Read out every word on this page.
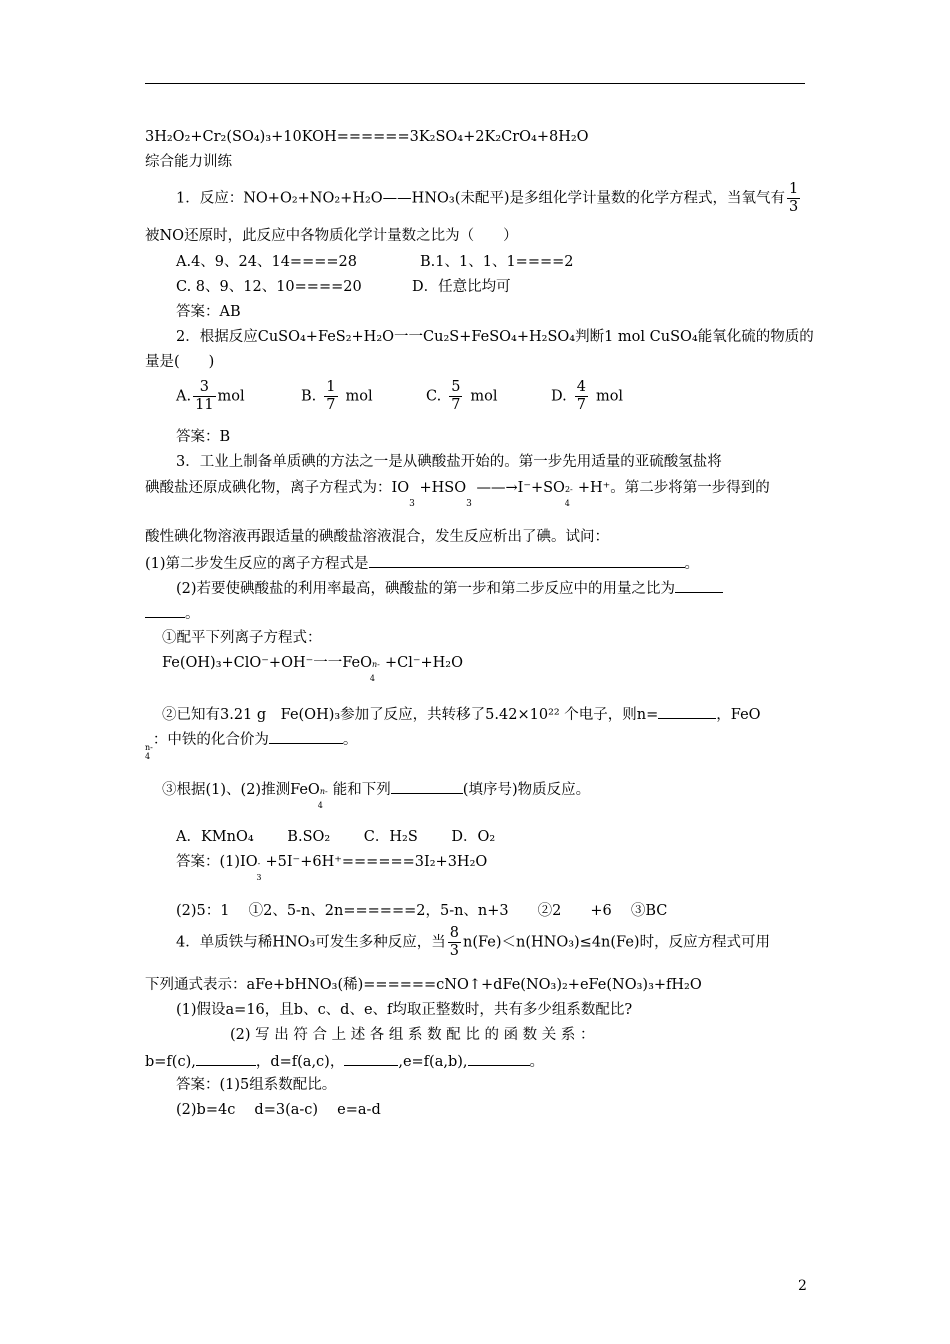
3H₂O₂+Cr₂(SO₄)₃+10KOH======3K₂SO₄+2K₂CrO₄+8H₂O
综合能力训练
1．反应：NO+O₂+NO₂+H₂O——HNO₃(未配平)是多组化学计量数的化学方程式，当氧气有 $\frac{1}{3}$
被NO还原时，此反应中各物质化学计量数之比为（　　）
A.4、9、24、14====28	B.1、1、1、1====2
C. 8、9、12、10====20	D．任意比均可
答案：AB
2．根据反应CuSO₄+FeS₂+H₂O一一Cu₂S+FeSO₄+H₂SO₄判断1 mol CuSO₄能氧化硫的物质的
量是(　　)
A. $\frac{3}{11}$ mol	B. $\frac{1}{7}$ mol	C. $\frac{5}{7}$ mol	D. $\frac{4}{7}$ mol
答案：B
3．工业上制备单质碘的方法之一是从碘酸盐开始的。第一步先用适量的亚硫酸氢盐将
碘酸盐还原成碘化物，离子方程式为：$IO_3 +HSO_3$ $——\to I^-+SO_{2-4}+H^+$。第二步将第一步得到的
酸性碘化物溶液再跟适量的碘酸盐溶液混合，发生反应析出了碘。试问：
(1)第二步发生反应的离子方程式是	。
(2)若要使碘酸盐的利用率最高，碘酸盐的第一步和第二步反应中的用量之比为
。
①配平下列离子方程式：
Fe(OH)₃+ClO⁻+OH⁻一一FeO$_{n-4}$+Cl⁻+H₂O
②已知有3.21 g　Fe(OH)₃参加了反应，共转移了5.42×10²² 个电子，则n=	，FeO
$_{n-}$：中铁的化合价为	。
4
③根据(1)、(2)推测FeO$_{n-4}$能和下列	(填序号)物质反应。
A．KMnO₄　　 B.SO₂　　 C．H₂S　　 D．O₂
答案：$(1)IO_{-3}+5I^-+6H^+======3I_2+3H_2O$
(2)5：1　 ①2、5-n、2n======2，5-n、n+3　　②2　　+6　 ③BC
4．单质铁与稀HNO₃可发生多种反应，当 $\frac{8}{3} n(Fe)<n(HNO_3)\le 4n(Fe)$时，反应方程式可用
下列通式表示：aFe+bHNO₃(稀)======cNO↑+dFe(NO₃)₂+eFe(NO₃)₃+fH₂O
(1)假设a=16，且b、c、d、e、f均取正整数时，共有多少组系数配比?
(2) 写 出 符 合 上 述 各 组 系 数 配 比 的 函 数 关 系 ：
b=f(c),	，d=f(a,c)，	,e=f(a,b),	。
答案：(1)5组系数配比。
(2)b=4c　 d=3(a-c)　 e=a-d
2
